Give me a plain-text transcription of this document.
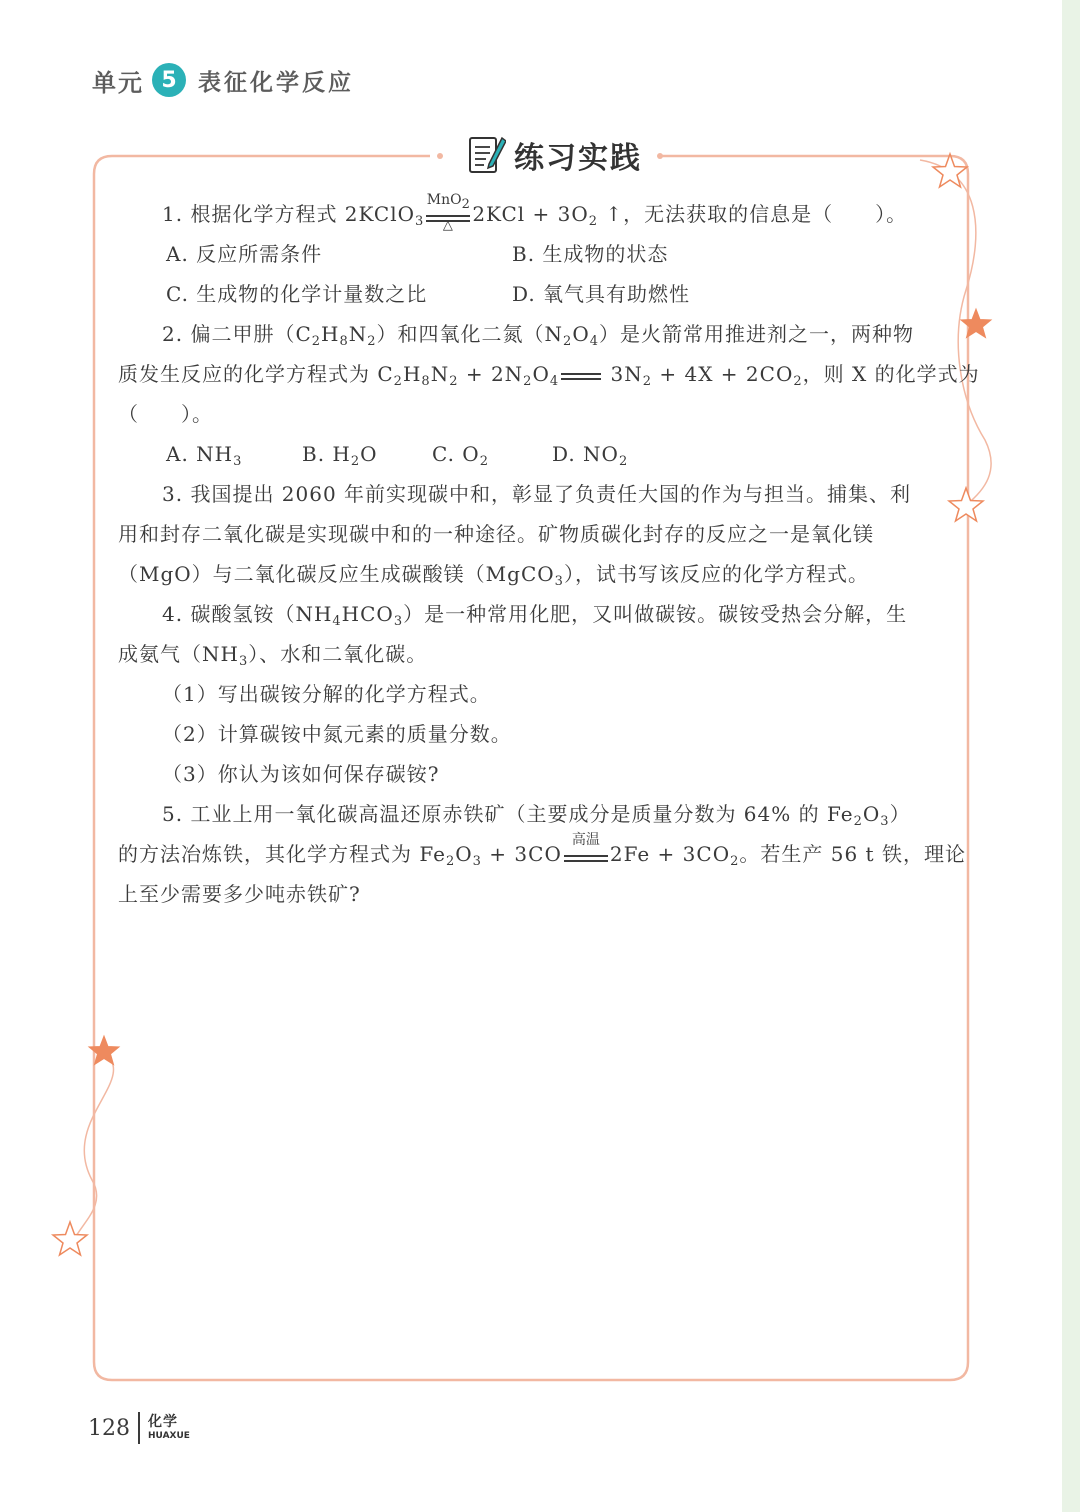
单元 5 表征化学反应
练习实践
1. 根据化学方程式 2KClO$_3$
MnO$_2$
△ $2KCl + 3O_2$ ↑，无法获取的信息是（　　）。
A. 反应所需条件	B. 生成物的状态
C. 生成物的化学计量数之比	D. 氧气具有助燃性
2. 偏二甲肼$(C_2H_8N_2)$和四氧化二氮$(N_2O_4)$是火箭常用推进剂之一，两种物
质发生反应的化学方程式为 $C_2H_8N_2 + 2N_2O_4$ $3N_2 + 4X + 2CO_2$，则 X 的化学式为
（　　）。
A. $NH_3$	B. $H_2O$	C. $O_2$	D. $NO_2$
3. 我国提出 2060 年前实现碳中和，彰显了负责任大国的作为与担当。捕集、利
用和封存二氧化碳是实现碳中和的一种途径。矿物质碳化封存的反应之一是氧化镁
（MgO）与二氧化碳反应生成碳酸镁（MgCO$_3$），试书写该反应的化学方程式。
4. 碳酸氢铵$(NH_4HCO_3)$是一种常用化肥，又叫做碳铵。碳铵受热会分解，生
成氨气$(NH_3)$、水和二氧化碳。
（1）写出碳铵分解的化学方程式。
（2）计算碳铵中氮元素的质量分数。
（3）你认为该如何保存碳铵?
5. 工业上用一氧化碳高温还原赤铁矿（主要成分是质量分数为 64% 的 $Fe_2O_3$）
的方法冶炼铁，其化学方程式为 $Fe_2O_3 + 3CO$
高温
$2Fe + 3CO_2$。若生产 56 t 铁，理论
上至少需要多少吨赤铁矿?
128 化学
HUAXUE
